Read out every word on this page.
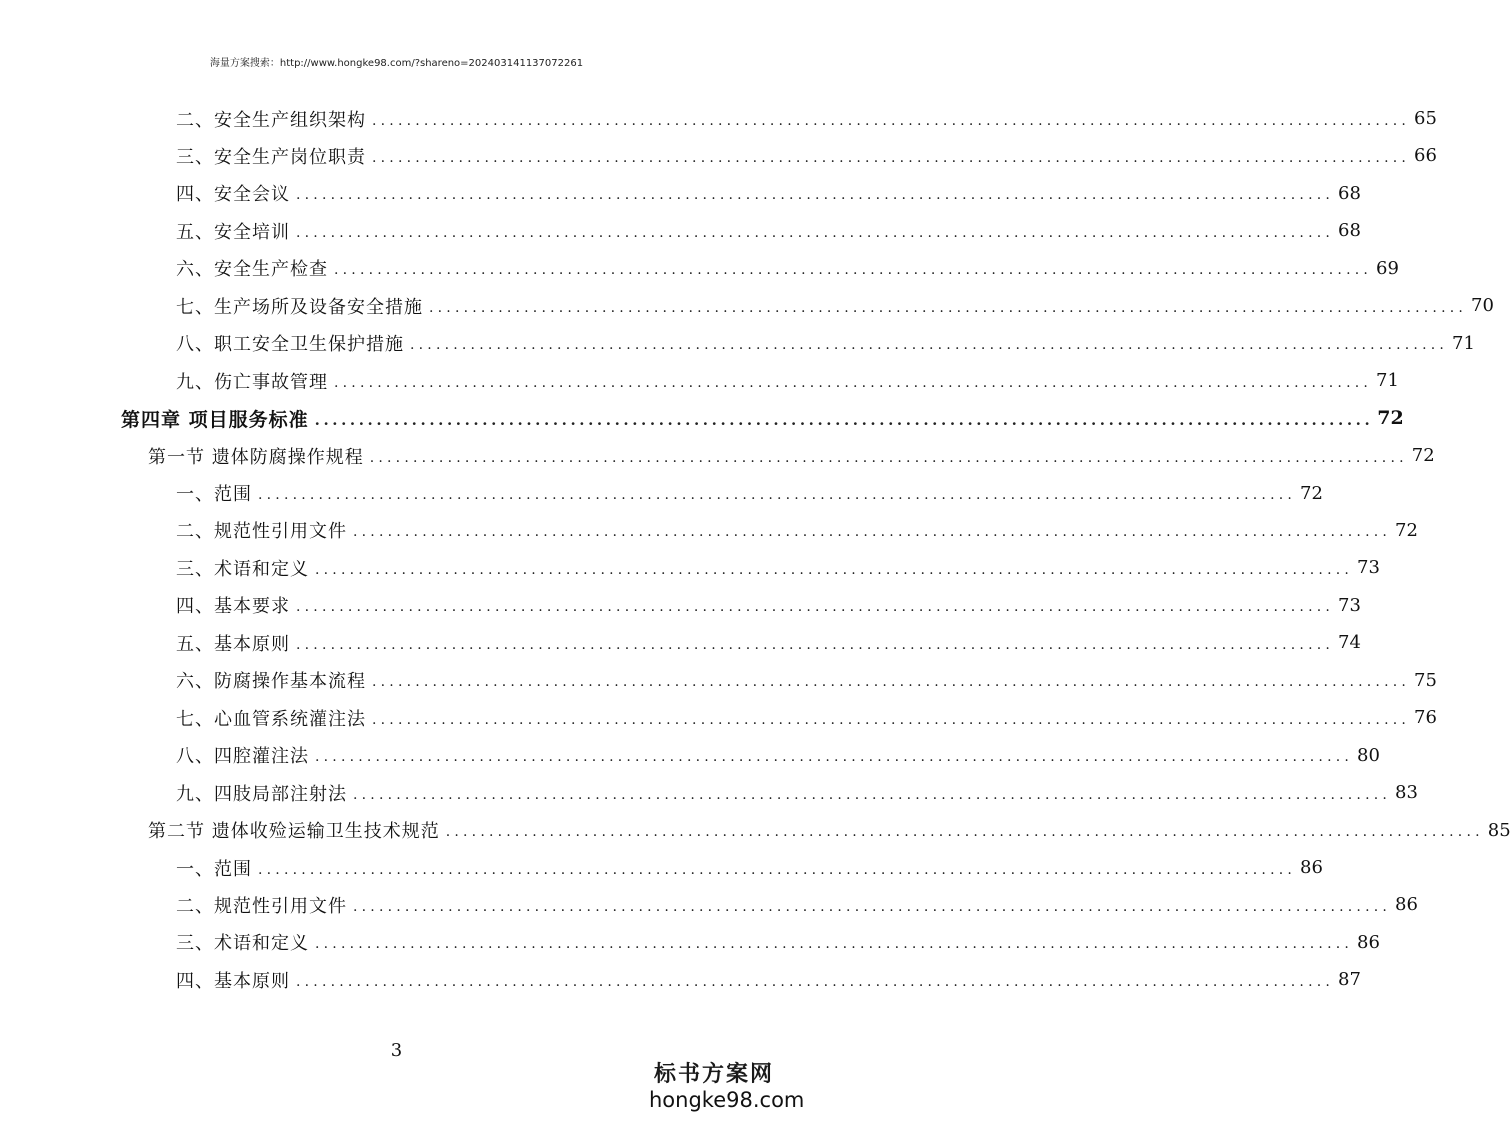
海量方案搜索：http://www.hongke98.com/?shareno=20240314113707226​1
二、安全生产组织架构 ........................................................................................................................ 65
三、安全生产岗位职责 ........................................................................................................................ 66
四、安全会议 ........................................................................................................................ 68
五、安全培训 ........................................................................................................................ 68
六、安全生产检查 ........................................................................................................................ 69
七、生产场所及设备安全措施 ........................................................................................................................ 70
八、职工安全卫生保护措施 ........................................................................................................................ 71
九、伤亡事故管理 ........................................................................................................................ 71
第四章 项目服务标准 ........................................................................................................................ 72
第一节 遗体防腐操作规程 ........................................................................................................................ 72
一、范围 ........................................................................................................................ 72
二、规范性引用文件 ........................................................................................................................ 72
三、术语和定义 ........................................................................................................................ 73
四、基本要求 ........................................................................................................................ 73
五、基本原则 ........................................................................................................................ 74
六、防腐操作基本流程 ........................................................................................................................ 75
七、心血管系统灌注法 ........................................................................................................................ 76
八、四腔灌注法 ........................................................................................................................ 80
九、四肢局部注射法 ........................................................................................................................ 83
第二节 遗体收殓运输卫生技术规范 ........................................................................................................................ 85
一、范围 ........................................................................................................................ 86
二、规范性引用文件 ........................................................................................................................ 86
三、术语和定义 ........................................................................................................................ 86
四、基本原则 ........................................................................................................................ 87
3
标书方案网
hongke98.com
